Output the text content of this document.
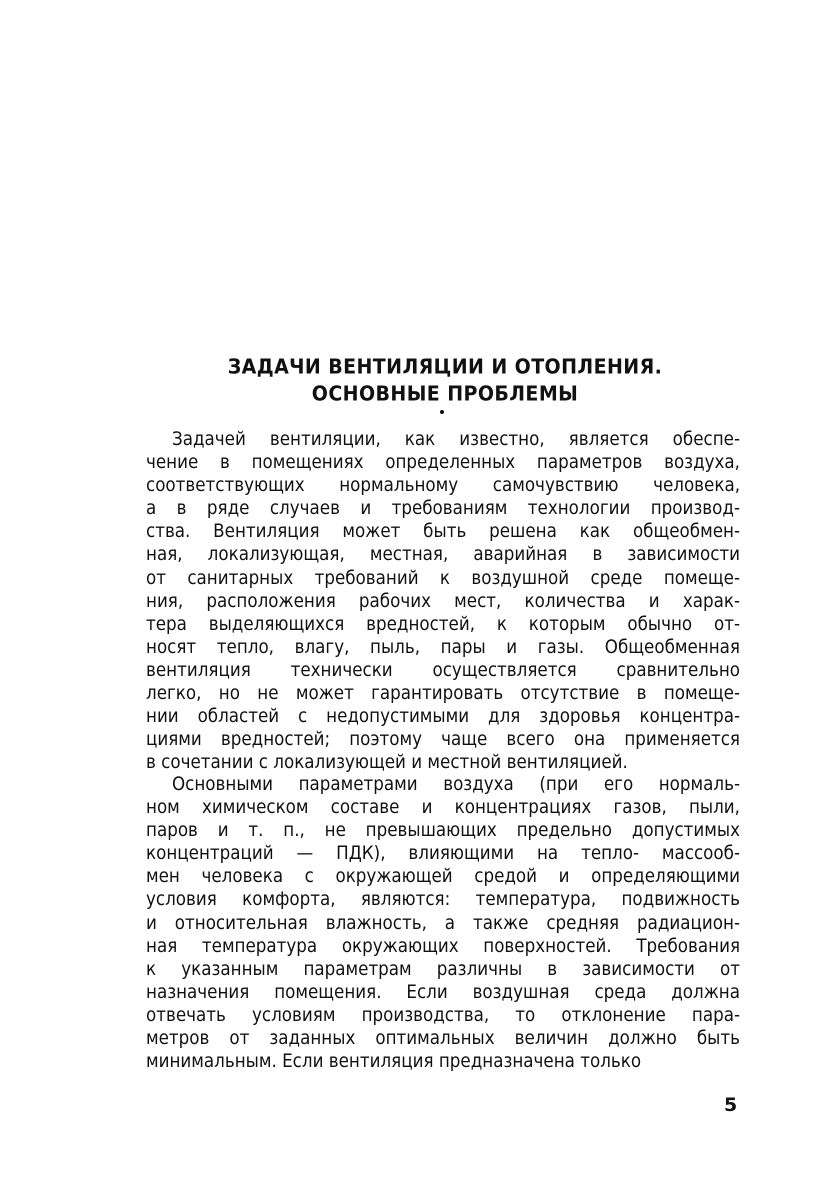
ЗАДАЧИ ВЕНТИЛЯЦИИ И ОТОПЛЕНИЯ.
ОСНОВНЫЕ ПРОБЛЕМЫ
Задачей вентиляции, как известно, является обеспе-
чение в помещениях определенных параметров воздуха,
соответствующих нормальному самочувствию человека,
а в ряде случаев и требованиям технологии производ-
ства. Вентиляция может быть решена как общеобмен-
ная, локализующая, местная, аварийная в зависимости
от санитарных требований к воздушной среде помеще-
ния, расположения рабочих мест, количества и харак-
тера выделяющихся вредностей, к которым обычно от-
носят тепло, влагу, пыль, пары и газы. Общеобменная
вентиляция технически осуществляется сравнительно
легко, но не может гарантировать отсутствие в помеще-
нии областей с недопустимыми для здоровья концентра-
циями вредностей; поэтому чаще всего она применяется
в сочетании с локализующей и местной вентиляцией.
Основными параметрами воздуха (при его нормаль-
ном химическом составе и концентрациях газов, пыли,
паров и т. п., не превышающих предельно допустимых
концентраций — ПДК), влияющими на тепло- массооб-
мен человека с окружающей средой и определяющими
условия комфорта, являются: температура, подвижность
и относительная влажность, а также средняя радиацион-
ная температура окружающих поверхностей. Требования
к указанным параметрам различны в зависимости от
назначения помещения. Если воздушная среда должна
отвечать условиям производства, то отклонение пара-
метров от заданных оптимальных величин должно быть
минимальным. Если вентиляция предназначена только
5
